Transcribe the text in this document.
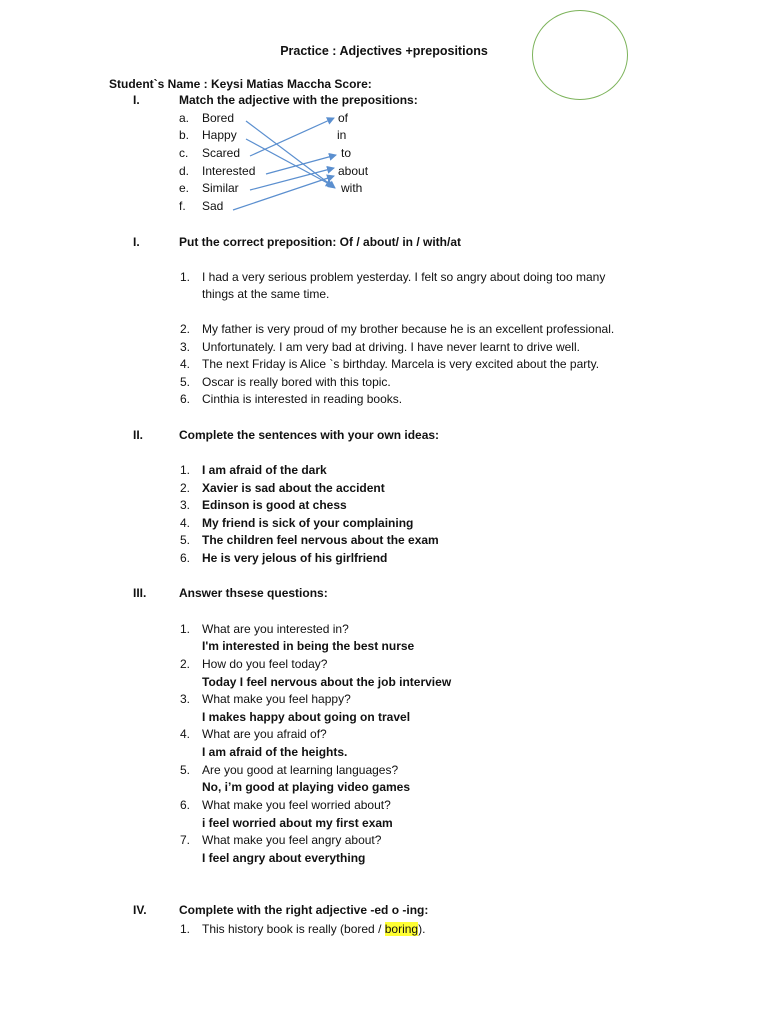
Practice : Adjectives +prepositions
Student`s Name : Keysi Matias Maccha Score:
I.	Match the adjective with the prepositions:
a. Bored
b. Happy
c. Scared
d. Interested
e. Similar
f. Sad
of
in
to
about
with
I.	Put the correct preposition: Of / about/ in / with/at
1. I had a very serious problem yesterday. I felt so angry about doing too many
things at the same time.
2. My father is very proud of my brother because he is an excellent professional.
3. Unfortunately. I am very bad at driving. I have never learnt to drive well.
4. The next Friday is Alice `s birthday. Marcela is very excited about the party.
5. Oscar is really bored with this topic.
6. Cinthia is interested in reading books.
II.	Complete the sentences with your own ideas:
1. I am afraid of the dark
2. Xavier is sad about the accident
3. Edinson is good at chess
4. My friend is sick of your complaining
5. The children feel nervous about the exam
6. He is very jelous of his girlfriend
III.	Answer thsese questions:
1. What are you interested in?
I'm interested in being the best nurse
2. How do you feel today?
Today I feel nervous about the job interview
3. What make you feel happy?
I makes happy about going on travel
4. What are you afraid of?
I am afraid of the heights.
5. Are you good at learning languages?
No, i’m good at playing video games
6. What make you feel worried about?
i feel worried about my first exam
7. What make you feel angry about?
I feel angry about everything
IV.	Complete with the right adjective -ed o -ing:
1. This history book is really (bored / boring).
